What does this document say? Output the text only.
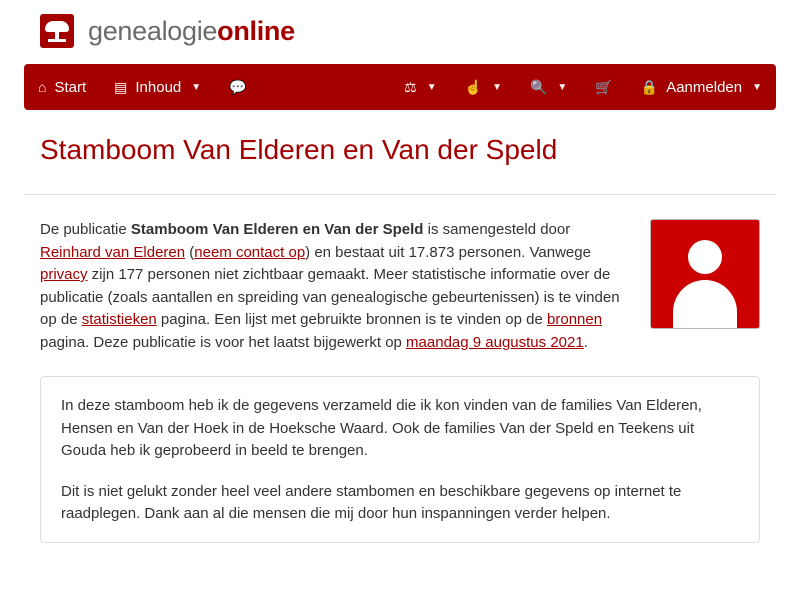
genealogieonline
⌂ Start ▤ Inhoud ▼ 💬	⚖ ▼ ☝ ▼ 🔍 ▼ 🛒 🔒 Aanmelden ▼
Stamboom Van Elderen en Van der Speld
De publicatie Stamboom Van Elderen en Van der Speld is samengesteld door Reinhard van Elderen (neem contact op) en bestaat uit 17.873 personen. Vanwege privacy zijn 177 personen niet zichtbaar gemaakt. Meer statistische informatie over de publicatie (zoals aantallen en spreiding van genealogische gebeurtenissen) is te vinden op de statistieken pagina. Een lijst met gebruikte bronnen is te vinden op de bronnen pagina. Deze publicatie is voor het laatst bijgewerkt op maandag 9 augustus 2021.

In deze stamboom heb ik de gegevens verzameld die ik kon vinden van de families Van Elderen, Hensen en Van der Hoek in de Hoeksche Waard. Ook de families Van der Speld en Teekens uit Gouda heb ik geprobeerd in beeld te brengen.

Dit is niet gelukt zonder heel veel andere stambomen en beschikbare gegevens op internet te raadplegen. Dank aan al die mensen die mij door hun inspanningen verder helpen.
